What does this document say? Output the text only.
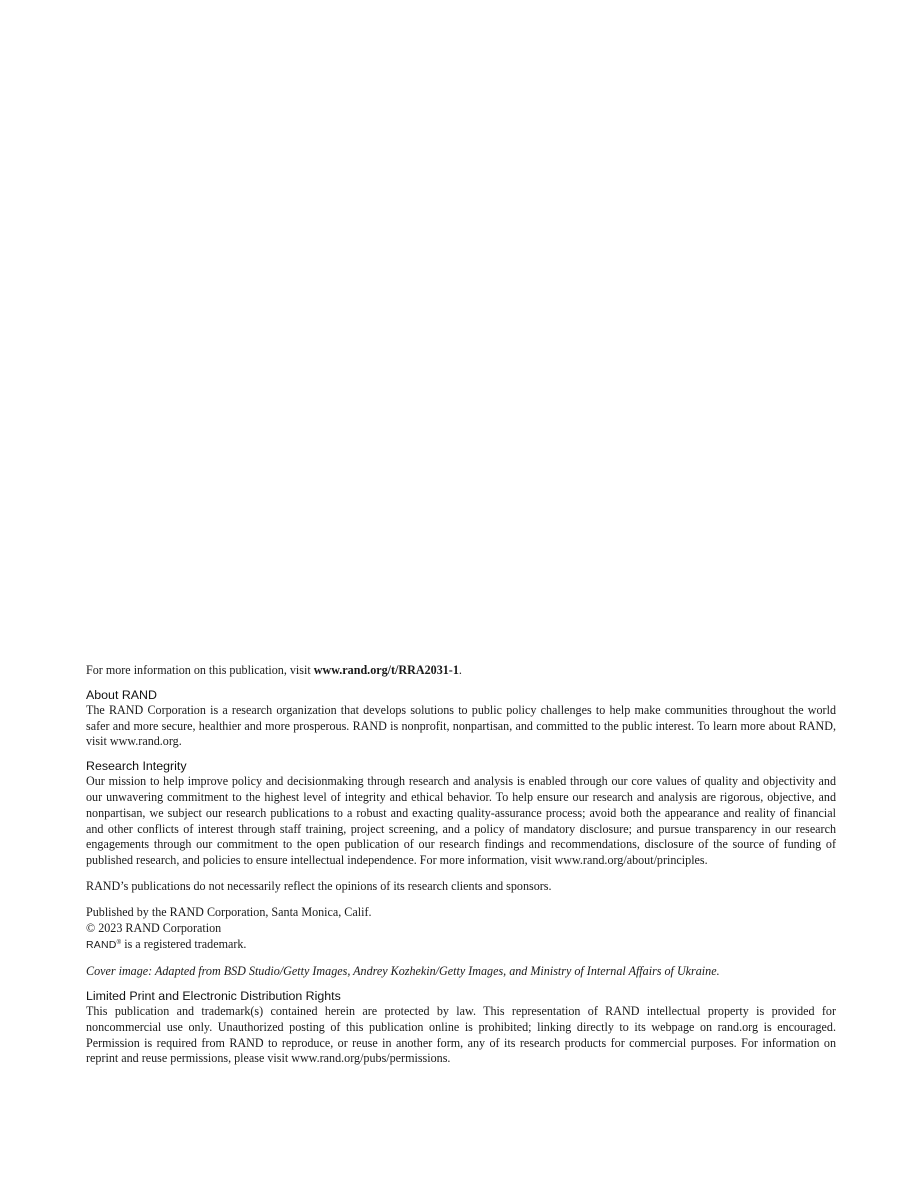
For more information on this publication, visit www.rand.org/t/RRA2031-1.

About RAND

The RAND Corporation is a research organization that develops solutions to public policy challenges to help make communities throughout the world safer and more secure, healthier and more prosperous. RAND is nonprofit, nonpartisan, and committed to the public interest. To learn more about RAND, visit www.rand.org.

Research Integrity

Our mission to help improve policy and decisionmaking through research and analysis is enabled through our core values of quality and objectivity and our unwavering commitment to the highest level of integrity and ethical behavior. To help ensure our research and analysis are rigorous, objective, and nonpartisan, we subject our research publications to a robust and exacting quality-assurance process; avoid both the appearance and reality of financial and other conflicts of interest through staff training, project screening, and a policy of mandatory disclosure; and pursue transparency in our research engagements through our commitment to the open publication of our research findings and recommendations, disclosure of the source of funding of published research, and policies to ensure intellectual independence. For more information, visit www.rand.org/about/principles.

RAND’s publications do not necessarily reflect the opinions of its research clients and sponsors.

Published by the RAND Corporation, Santa Monica, Calif.

© 2023 RAND Corporation

RAND® is a registered trademark.

Cover image: Adapted from BSD Studio/Getty Images, Andrey Kozhekin/Getty Images, and Ministry of Internal Affairs of Ukraine.

Limited Print and Electronic Distribution Rights

This publication and trademark(s) contained herein are protected by law. This representation of RAND intellectual property is provided for noncommercial use only. Unauthorized posting of this publication online is prohibited; linking directly to its webpage on rand.org is encouraged. Permission is required from RAND to reproduce, or reuse in another form, any of its research products for commercial purposes. For information on reprint and reuse permissions, please visit www.rand.org/pubs/permissions.
